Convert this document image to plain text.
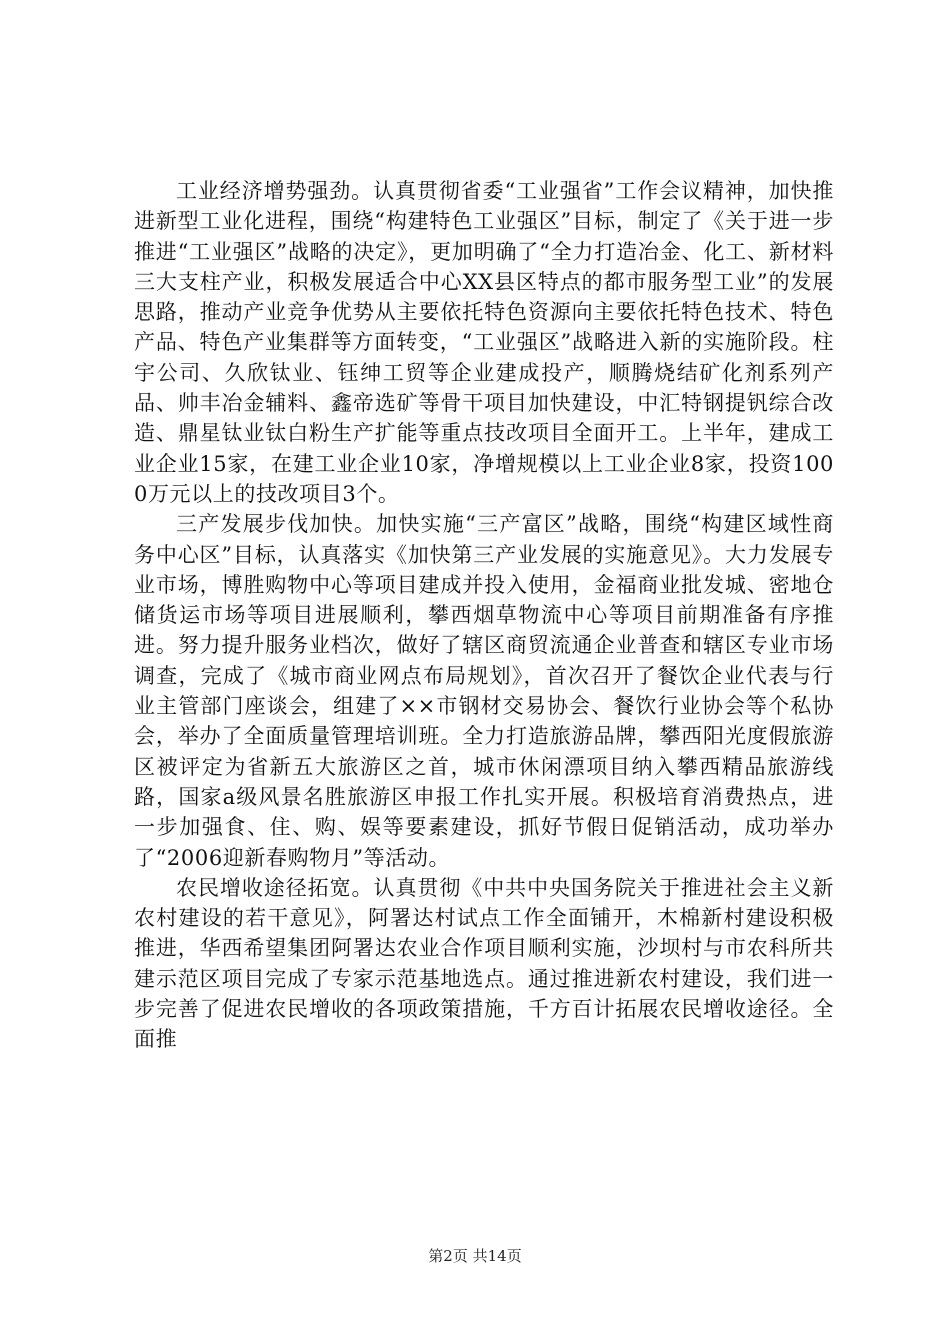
工业经济增势强劲。认真贯彻省委“工业强省”工作会议精神，加快推进新型工业化进程，围绕“构建特色工业强区”目标，制定了《关于进一步推进“工业强区”战略的决定》，更加明确了“全力打造冶金、化工、新材料三大支柱产业，积极发展适合中心XX县区特点的都市服务型工业”的发展思路，推动产业竞争优势从主要依托特色资源向主要依托特色技术、特色产品、特色产业集群等方面转变，“工业强区”战略进入新的实施阶段。柱宇公司、久欣钛业、钰绅工贸等企业建成投产，顺腾烧结矿化剂系列产品、帅丰冶金辅料、鑫帝选矿等骨干项目加快建设，中汇特钢提钒综合改造、鼎星钛业钛白粉生产扩能等重点技改项目全面开工。上半年，建成工业企业15家，在建工业企业10家，净增规模以上工业企业8家，投资1000万元以上的技改项目3个。

三产发展步伐加快。加快实施“三产富区”战略，围绕“构建区域性商务中心区”目标，认真落实《加快第三产业发展的实施意见》。大力发展专业市场，博胜购物中心等项目建成并投入使用，金福商业批发城、密地仓储货运市场等项目进展顺利，攀西烟草物流中心等项目前期准备有序推进。努力提升服务业档次，做好了辖区商贸流通企业普查和辖区专业市场调查，完成了《城市商业网点布局规划》，首次召开了餐饮企业代表与行业主管部门座谈会，组建了××市钢材交易协会、餐饮行业协会等个私协会，举办了全面质量管理培训班。全力打造旅游品牌，攀西阳光度假旅游区被评定为省新五大旅游区之首，城市休闲漂项目纳入攀西精品旅游线路，国家a级风景名胜旅游区申报工作扎实开展。积极培育消费热点，进一步加强食、住、购、娱等要素建设，抓好节假日促销活动，成功举办了“2006迎新春购物月”等活动。

农民增收途径拓宽。认真贯彻《中共中央国务院关于推进社会主义新农村建设的若干意见》，阿署达村试点工作全面铺开，木棉新村建设积极推进，华西希望集团阿署达农业合作项目顺利实施，沙坝村与市农科所共建示范区项目完成了专家示范基地选点。通过推进新农村建设，我们进一步完善了促进农民增收的各项政策措施，千方百计拓展农民增收途径。全面推

第2页 共14页
